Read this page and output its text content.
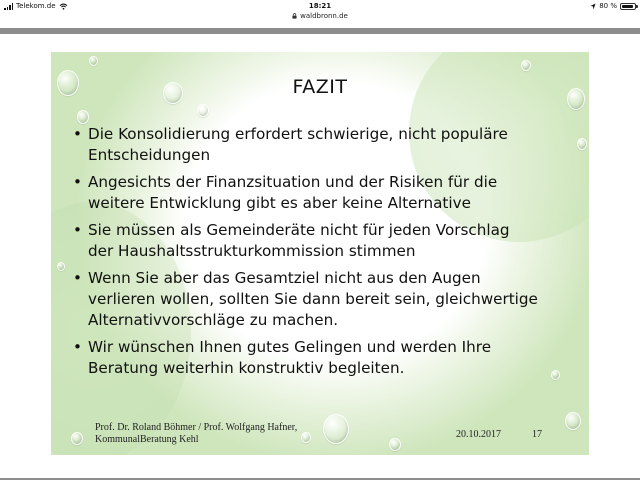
Telekom.de	18:21	80 %
waldbronn.de
FAZIT
• Die Konsolidierung erfordert schwierige, nicht populäre
Entscheidungen
• Angesichts der Finanzsituation und der Risiken für die
weitere Entwicklung gibt es aber keine Alternative
• Sie müssen als Gemeinderäte nicht für jeden Vorschlag
der Haushaltsstrukturkommission stimmen
• Wenn Sie aber das Gesamtziel nicht aus den Augen
verlieren wollen, sollten Sie dann bereit sein, gleichwertige
Alternativvorschläge zu machen.
• Wir wünschen Ihnen gutes Gelingen und werden Ihre
Beratung weiterhin konstruktiv begleiten.
Prof. Dr. Roland Böhmer / Prof. Wolfgang Hafner,
KommunalBeratung Kehl	20.10.2017	17
